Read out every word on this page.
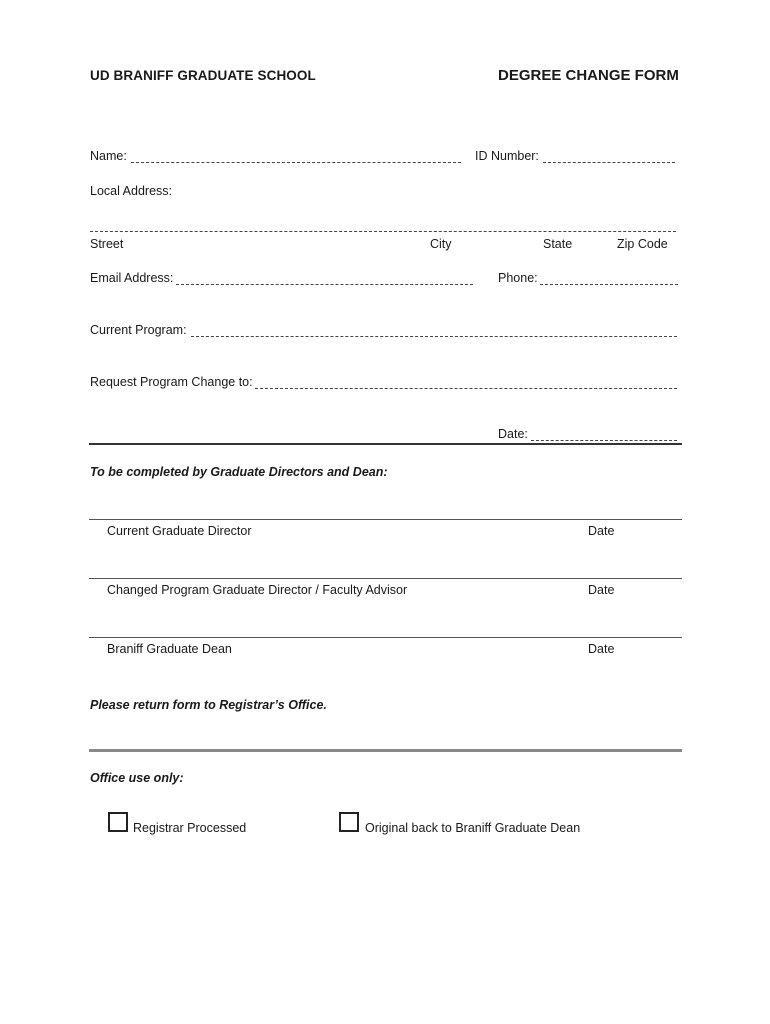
UD BRANIFF GRADUATE SCHOOL	DEGREE CHANGE FORM
Name:	ID Number:
Local Address:
Street	City	State	Zip Code
Email Address:	Phone:
Current Program:
Request Program Change to:
Date:
To be completed by Graduate Directors and Dean:
Current Graduate Director	Date
Changed Program Graduate Director / Faculty Advisor	Date
Braniff Graduate Dean	Date
Please return form to Registrar’s Office.
Office use only:
Registrar Processed	Original back to Braniff Graduate Dean
